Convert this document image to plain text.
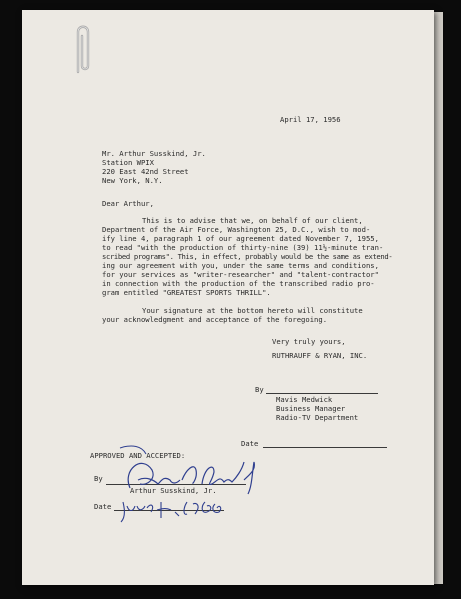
April 17, 1956
Mr. Arthur Susskind, Jr.
Station WPIX
220 East 42nd Street
New York, N.Y.
Dear Arthur,
This is to advise that we, on behalf of our client,
Department of the Air Force, Washington 25, D.C., wish to mod-
ify line 4, paragraph 1 of our agreement dated November 7, 1955,
to read "with the production of thirty-nine (39) 11½-minute tran-
scribed programs". This, in effect, probably would be the same as extend-
ing our agreement with you, under the same terms and conditions,
for your services as "writer-researcher" and "talent-contractor"
in connection with the production of the transcribed radio pro-
gram entitled "GREATEST SPORTS THRILL".
Your signature at the bottom hereto will constitute
your acknowledgment and acceptance of the foregoing.
Very truly yours,
RUTHRAUFF & RYAN, INC.
By
Mavis Medwick
Business Manager
Radio-TV Department
Date
APPROVED AND ACCEPTED:
By
Arthur Susskind, Jr.
Date
